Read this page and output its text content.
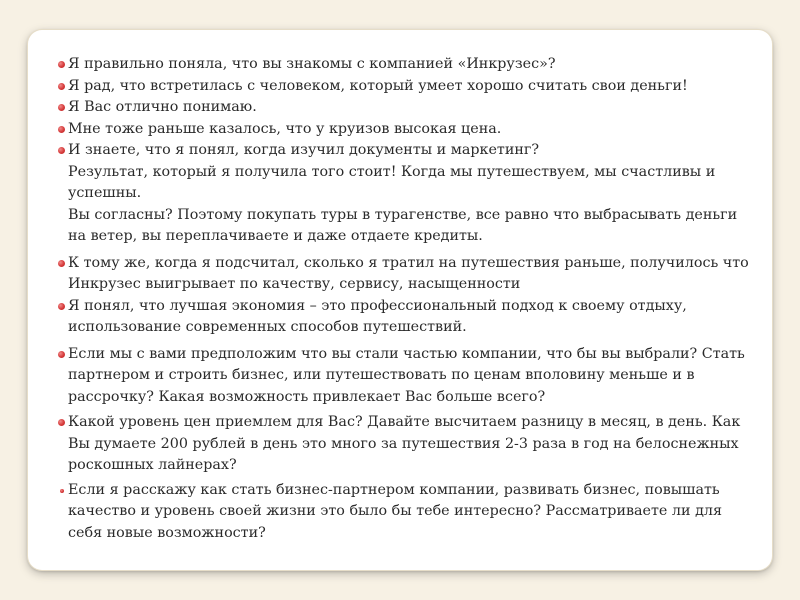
Я правильно поняла, что вы знакомы с компанией «Инкрузес»?
Я рад, что встретилась с человеком, который умеет хорошо считать свои деньги!
Я Вас отлично понимаю.
Мне тоже раньше казалось, что у круизов высокая цена.
И знаете, что я понял, когда изучил документы и маркетинг?
Результат, который я получила того стоит! Когда мы путешествуем, мы счастливы и успешны.
Вы согласны? Поэтому покупать туры в турагенстве, все равно что выбрасывать деньги на ветер, вы переплачиваете и даже отдаете кредиты.
К тому же, когда я подсчитал, сколько я тратил на путешествия раньше, получилось что Инкрузес выигрывает по качеству, сервису, насыщенности
Я понял, что лучшая экономия – это профессиональный подход к своему отдыху, использование современных способов путешествий.
Если мы с вами предположим что вы стали частью компании, что бы вы выбрали? Стать партнером и строить бизнес, или путешествовать по ценам вполовину меньше и в рассрочку? Какая возможность привлекает Вас больше всего?
Какой уровень цен приемлем для Вас? Давайте высчитаем разницу в месяц, в день. Как Вы думаете 200 рублей в день это много за путешествия 2-3 раза в год на белоснежных роскошных лайнерах?
Если я расскажу как стать бизнес-партнером компании, развивать бизнес, повышать качество и уровень своей жизни это было бы тебе интересно? Рассматриваете ли для себя новые возможности?
